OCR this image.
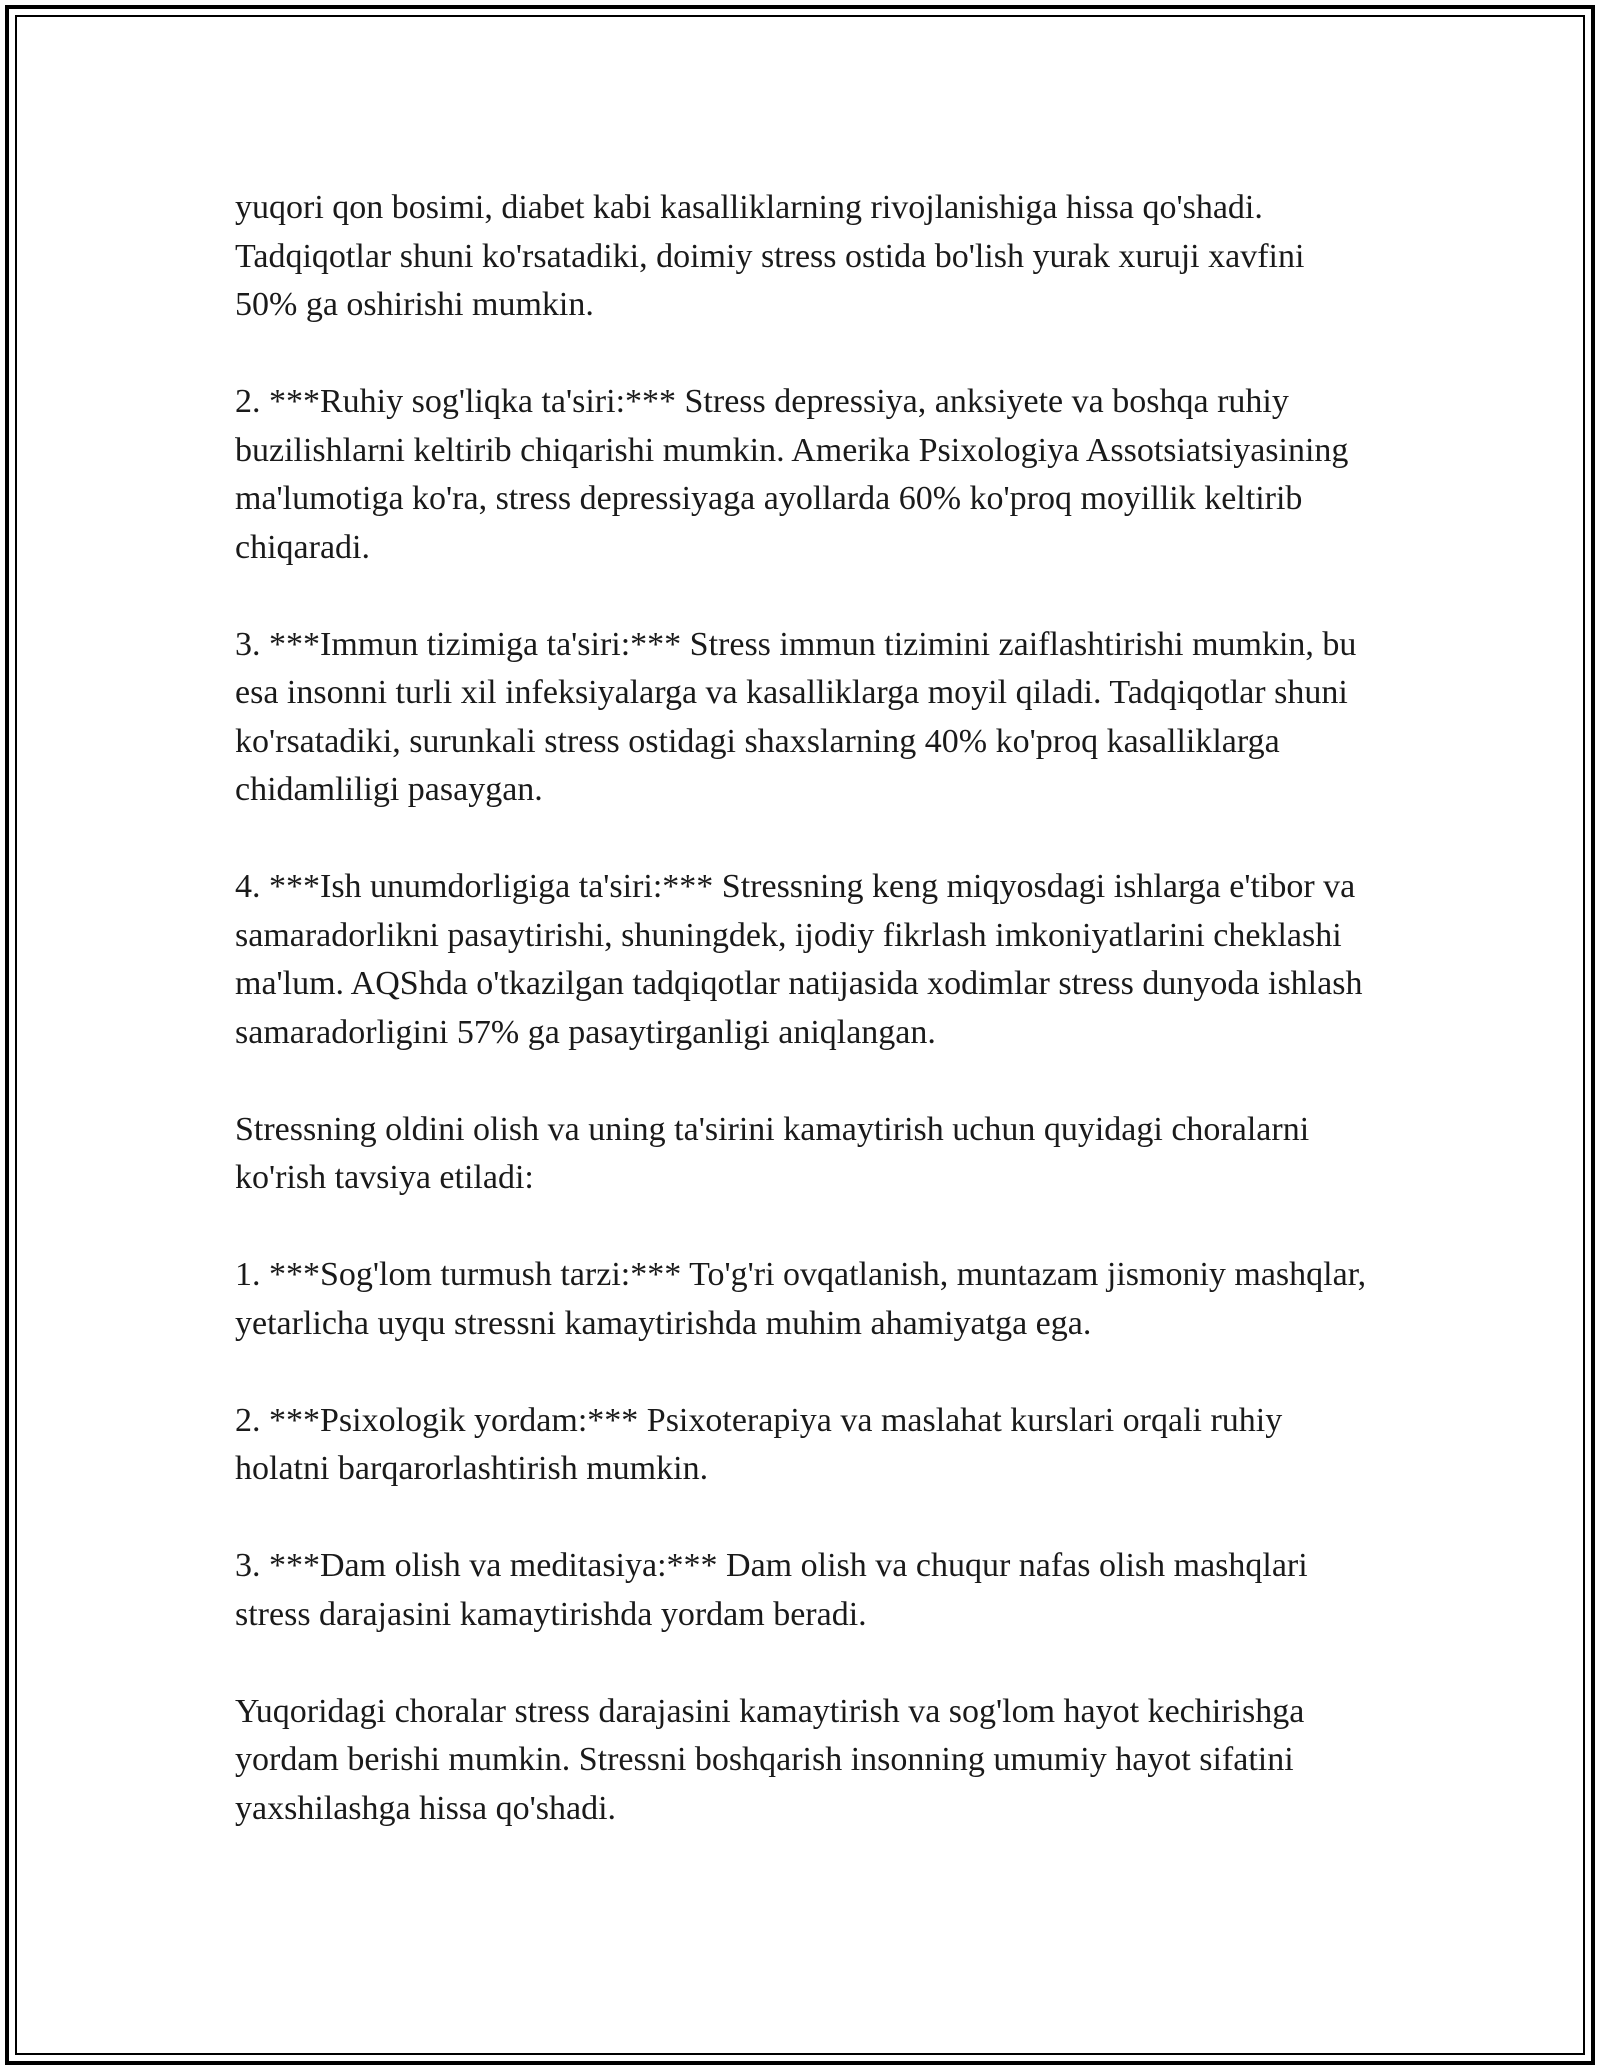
yuqori qon bosimi, diabet kabi kasalliklarning rivojlanishiga hissa qo'shadi. Tadqiqotlar shuni ko'rsatadiki, doimiy stress ostida bo'lish yurak xuruji xavfini 50% ga oshirishi mumkin.

2. ***Ruhiy sog'liqka ta'siri:*** Stress depressiya, anksiyete va boshqa ruhiy buzilishlarni keltirib chiqarishi mumkin. Amerika Psixologiya Assotsiatsiyasining ma'lumotiga ko'ra, stress depressiyaga ayollarda 60% ko'proq moyillik keltirib chiqaradi.

3. ***Immun tizimiga ta'siri:*** Stress immun tizimini zaiflashtirishi mumkin, bu esa insonni turli xil infeksiyalarga va kasalliklarga moyil qiladi. Tadqiqotlar shuni ko'rsatadiki, surunkali stress ostidagi shaxslarning 40% ko'proq kasalliklarga chidamliligi pasaygan.

4. ***Ish unumdorligiga ta'siri:*** Stressning keng miqyosdagi ishlarga e'tibor va samaradorlikni pasaytirishi, shuningdek, ijodiy fikrlash imkoniyatlarini cheklashi ma'lum. AQShda o'tkazilgan tadqiqotlar natijasida xodimlar stress dunyoda ishlash samaradorligini 57% ga pasaytirganligi aniqlangan.

Stressning oldini olish va uning ta'sirini kamaytirish uchun quyidagi choralarni ko'rish tavsiya etiladi:

1. ***Sog'lom turmush tarzi:*** To'g'ri ovqatlanish, muntazam jismoniy mashqlar, yetarlicha uyqu stressni kamaytirishda muhim ahamiyatga ega.

2. ***Psixologik yordam:*** Psixoterapiya va maslahat kurslari orqali ruhiy holatni barqarorlashtirish mumkin.

3. ***Dam olish va meditasiya:*** Dam olish va chuqur nafas olish mashqlari stress darajasini kamaytirishda yordam beradi.

Yuqoridagi choralar stress darajasini kamaytirish va sog'lom hayot kechirishga yordam berishi mumkin. Stressni boshqarish insonning umumiy hayot sifatini yaxshilashga hissa qo'shadi.
